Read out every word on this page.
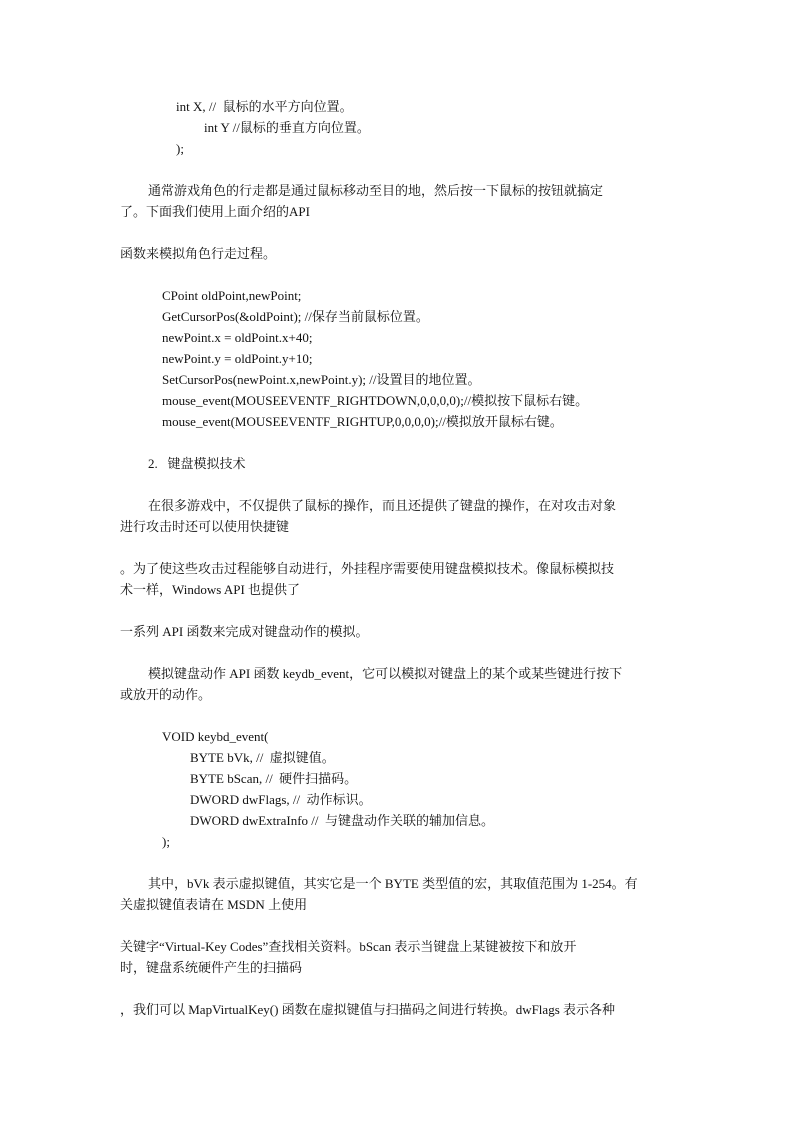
int X, //  鼠标的水平方向位置。
int Y //鼠标的垂直方向位置。
);
通常游戏角色的行走都是通过鼠标移动至目的地，然后按一下鼠标的按钮就搞定
了。下面我们使用上面介绍的API
函数来模拟角色行走过程。
CPoint oldPoint,newPoint;
GetCursorPos(&oldPoint); //保存当前鼠标位置。
newPoint.x = oldPoint.x+40;
newPoint.y = oldPoint.y+10;
SetCursorPos(newPoint.x,newPoint.y); //设置目的地位置。
mouse_event(MOUSEEVENTF_RIGHTDOWN,0,0,0,0);//模拟按下鼠标右键。
mouse_event(MOUSEEVENTF_RIGHTUP,0,0,0,0);//模拟放开鼠标右键。
2.   键盘模拟技术
在很多游戏中，不仅提供了鼠标的操作，而且还提供了键盘的操作，在对攻击对象
进行攻击时还可以使用快捷键
。为了使这些攻击过程能够自动进行，外挂程序需要使用键盘模拟技术。像鼠标模拟技
术一样，Windows API 也提供了
一系列 API 函数来完成对键盘动作的模拟。
模拟键盘动作 API 函数 keydb_event，它可以模拟对键盘上的某个或某些键进行按下
或放开的动作。
VOID keybd_event(
BYTE bVk, //  虚拟键值。
BYTE bScan, //  硬件扫描码。
DWORD dwFlags, //  动作标识。
DWORD dwExtraInfo //  与键盘动作关联的辅加信息。
);
其中，bVk 表示虚拟键值，其实它是一个 BYTE 类型值的宏，其取值范围为 1-254。有
关虚拟键值表请在 MSDN 上使用
关键字“Virtual-Key Codes”查找相关资料。bScan 表示当键盘上某键被按下和放开
时，键盘系统硬件产生的扫描码
，我们可以 MapVirtualKey() 函数在虚拟键值与扫描码之间进行转换。dwFlags 表示各种
